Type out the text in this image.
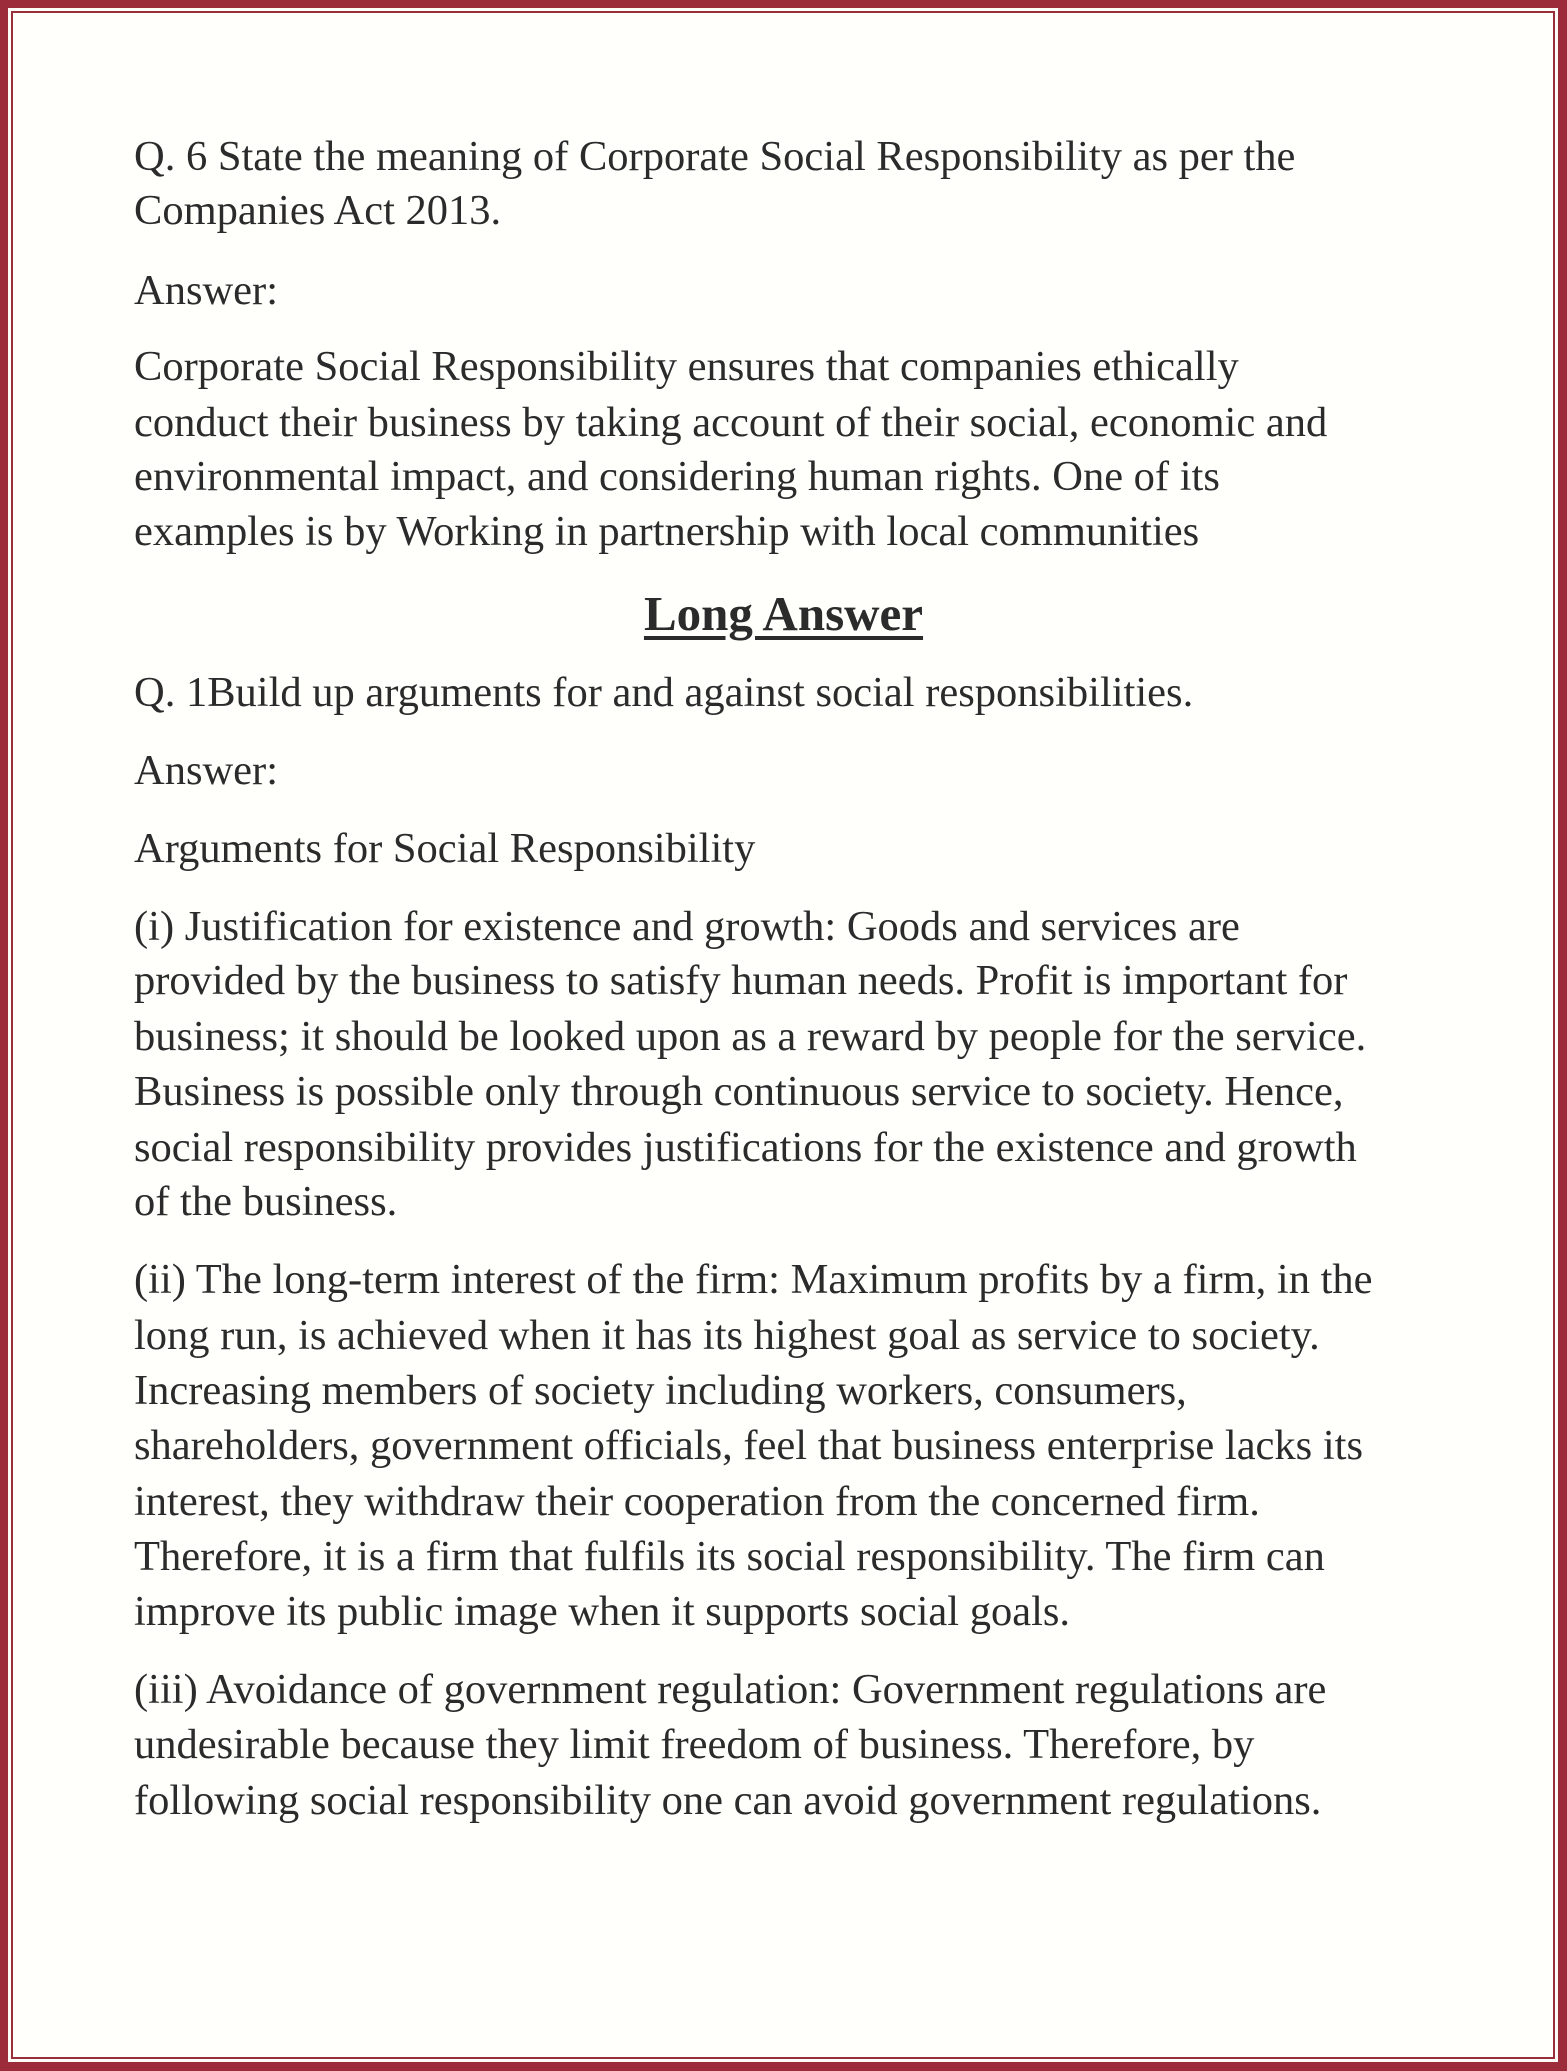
Q. 6 State the meaning of Corporate Social Responsibility as per the
Companies Act 2013.
Answer:
Corporate Social Responsibility ensures that companies ethically
conduct their business by taking account of their social, economic and
environmental impact, and considering human rights. One of its
examples is by Working in partnership with local communities
Long Answer
Q. 1Build up arguments for and against social responsibilities.
Answer:
Arguments for Social Responsibility
(i) Justification for existence and growth: Goods and services are
provided by the business to satisfy human needs. Profit is important for
business; it should be looked upon as a reward by people for the service.
Business is possible only through continuous service to society. Hence,
social responsibility provides justifications for the existence and growth
of the business.
(ii) The long-term interest of the firm: Maximum profits by a firm, in the
long run, is achieved when it has its highest goal as service to society.
Increasing members of society including workers, consumers,
shareholders, government officials, feel that business enterprise lacks its
interest, they withdraw their cooperation from the concerned firm.
Therefore, it is a firm that fulfils its social responsibility. The firm can
improve its public image when it supports social goals.
(iii) Avoidance of government regulation: Government regulations are
undesirable because they limit freedom of business. Therefore, by
following social responsibility one can avoid government regulations.
